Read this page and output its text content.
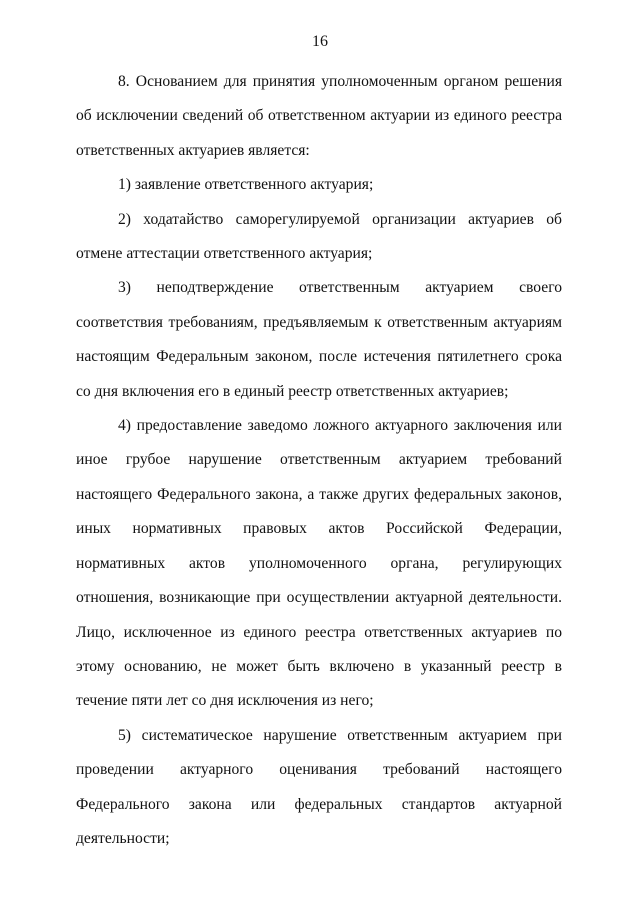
16

8. Основанием для принятия уполномоченным органом решения об исключении сведений об ответственном актуарии из единого реестра ответственных актуариев является:

1) заявление ответственного актуария;

2) ходатайство саморегулируемой организации актуариев об отмене аттестации ответственного актуария;

3) неподтверждение ответственным актуарием своего соответствия требованиям, предъявляемым к ответственным актуариям настоящим Федеральным законом, после истечения пятилетнего срока со дня включения его в единый реестр ответственных актуариев;

4) предоставление заведомо ложного актуарного заключения или иное грубое нарушение ответственным актуарием требований настоящего Федерального закона, а также других федеральных законов, иных нормативных правовых актов Российской Федерации, нормативных актов уполномоченного органа, регулирующих отношения, возникающие при осуществлении актуарной деятельности. Лицо, исключенное из единого реестра ответственных актуариев по этому основанию, не может быть включено в указанный реестр в течение пяти лет со дня исключения из него;

5) систематическое нарушение ответственным актуарием при проведении актуарного оценивания требований настоящего Федерального закона или федеральных стандартов актуарной деятельности;
